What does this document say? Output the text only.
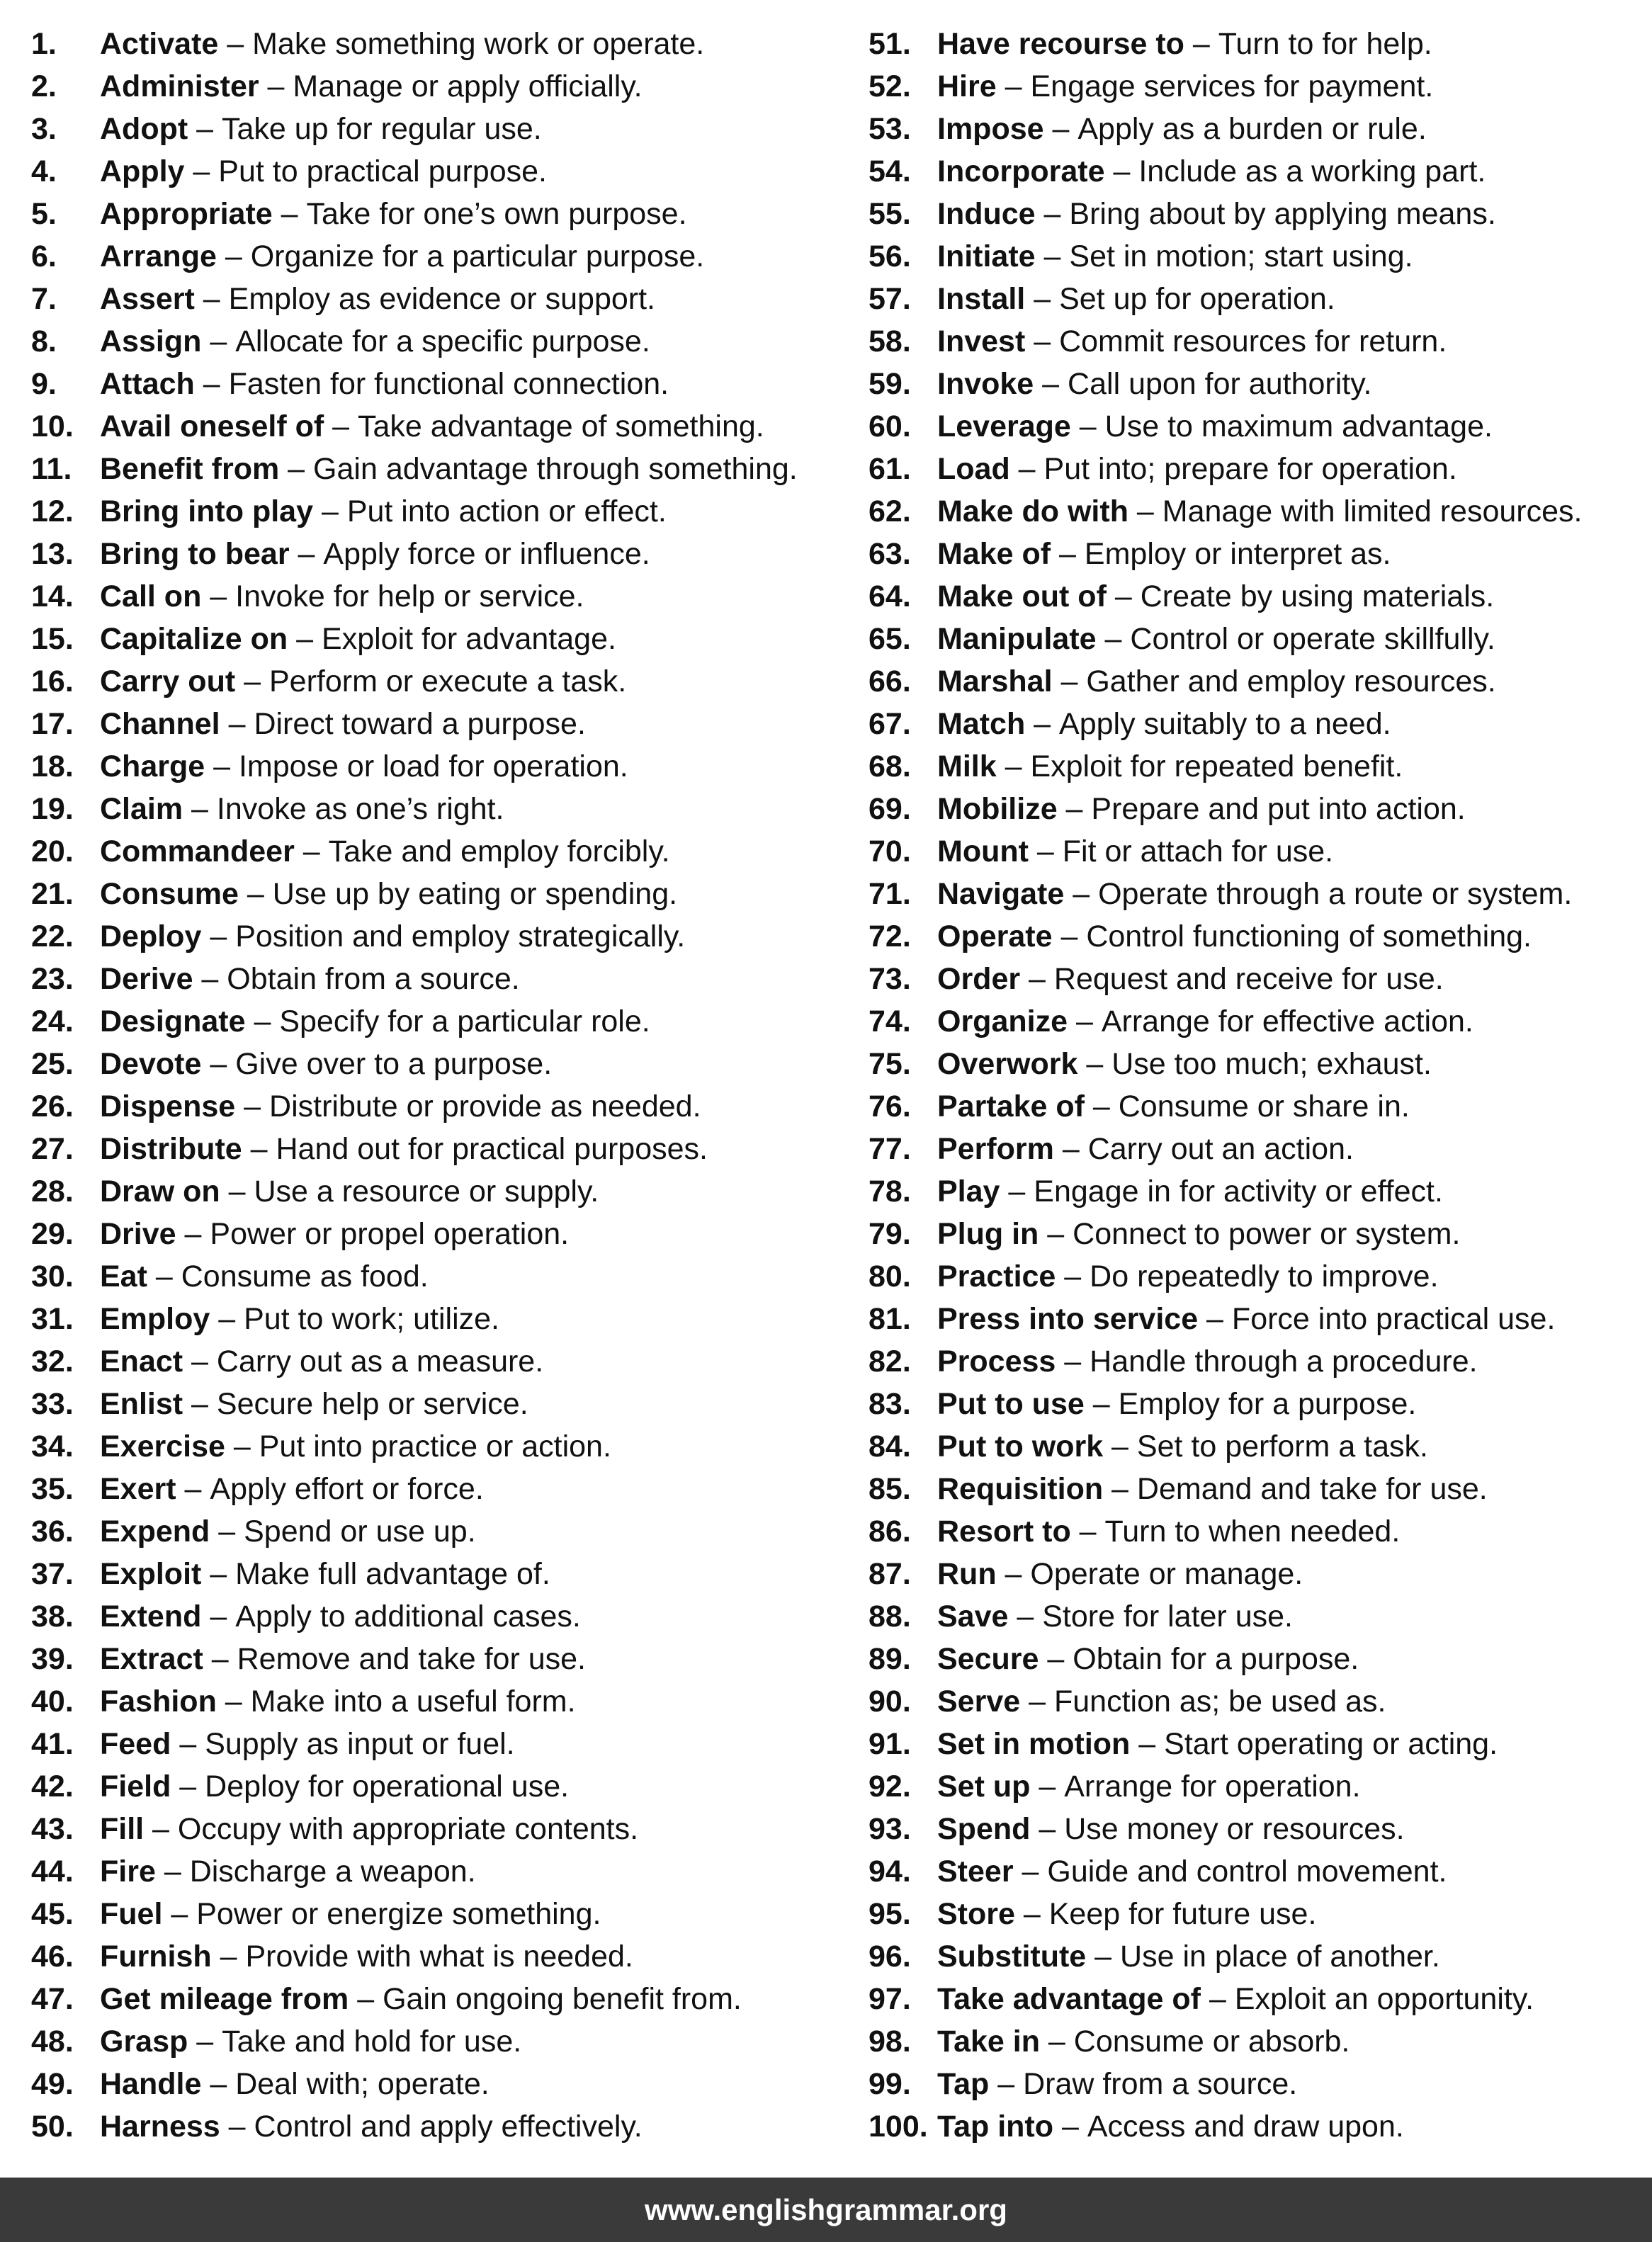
1.	Activate – Make something work or operate.
2.	Administer – Manage or apply officially.
3.	Adopt – Take up for regular use.
4.	Apply – Put to practical purpose.
5.	Appropriate – Take for one’s own purpose.
6.	Arrange – Organize for a particular purpose.
7.	Assert – Employ as evidence or support.
8.	Assign – Allocate for a specific purpose.
9.	Attach – Fasten for functional connection.
10. Avail oneself of – Take advantage of something.
11. Benefit from – Gain advantage through something.
12. Bring into play – Put into action or effect.
13. Bring to bear – Apply force or influence.
14. Call on – Invoke for help or service.
15. Capitalize on – Exploit for advantage.
16. Carry out – Perform or execute a task.
17. Channel – Direct toward a purpose.
18. Charge – Impose or load for operation.
19. Claim – Invoke as one’s right.
20. Commandeer – Take and employ forcibly.
21. Consume – Use up by eating or spending.
22. Deploy – Position and employ strategically.
23. Derive – Obtain from a source.
24. Designate – Specify for a particular role.
25. Devote – Give over to a purpose.
26. Dispense – Distribute or provide as needed.
27. Distribute – Hand out for practical purposes.
28. Draw on – Use a resource or supply.
29. Drive – Power or propel operation.
30. Eat – Consume as food.
31. Employ – Put to work; utilize.
32. Enact – Carry out as a measure.
33. Enlist – Secure help or service.
34. Exercise – Put into practice or action.
35. Exert – Apply effort or force.
36. Expend – Spend or use up.
37. Exploit – Make full advantage of.
38. Extend – Apply to additional cases.
39. Extract – Remove and take for use.
40. Fashion – Make into a useful form.
41. Feed – Supply as input or fuel.
42. Field – Deploy for operational use.
43. Fill – Occupy with appropriate contents.
44. Fire – Discharge a weapon.
45. Fuel – Power or energize something.
46. Furnish – Provide with what is needed.
47. Get mileage from – Gain ongoing benefit from.
48. Grasp – Take and hold for use.
49. Handle – Deal with; operate.
50. Harness – Control and apply effectively.
51. Have recourse to – Turn to for help.
52. Hire – Engage services for payment.
53. Impose – Apply as a burden or rule.
54. Incorporate – Include as a working part.
55. Induce – Bring about by applying means.
56. Initiate – Set in motion; start using.
57. Install – Set up for operation.
58. Invest – Commit resources for return.
59. Invoke – Call upon for authority.
60. Leverage – Use to maximum advantage.
61. Load – Put into; prepare for operation.
62. Make do with – Manage with limited resources.
63. Make of – Employ or interpret as.
64. Make out of – Create by using materials.
65. Manipulate – Control or operate skillfully.
66. Marshal – Gather and employ resources.
67. Match – Apply suitably to a need.
68. Milk – Exploit for repeated benefit.
69. Mobilize – Prepare and put into action.
70. Mount – Fit or attach for use.
71. Navigate – Operate through a route or system.
72. Operate – Control functioning of something.
73. Order – Request and receive for use.
74. Organize – Arrange for effective action.
75. Overwork – Use too much; exhaust.
76. Partake of – Consume or share in.
77. Perform – Carry out an action.
78. Play – Engage in for activity or effect.
79. Plug in – Connect to power or system.
80. Practice – Do repeatedly to improve.
81. Press into service – Force into practical use.
82. Process – Handle through a procedure.
83. Put to use – Employ for a purpose.
84. Put to work – Set to perform a task.
85. Requisition – Demand and take for use.
86. Resort to – Turn to when needed.
87. Run – Operate or manage.
88. Save – Store for later use.
89. Secure – Obtain for a purpose.
90. Serve – Function as; be used as.
91. Set in motion – Start operating or acting.
92. Set up – Arrange for operation.
93. Spend – Use money or resources.
94. Steer – Guide and control movement.
95. Store – Keep for future use.
96. Substitute – Use in place of another.
97. Take advantage of – Exploit an opportunity.
98. Take in – Consume or absorb.
99. Tap – Draw from a source.
100. Tap into – Access and draw upon.
www.englishgrammar.org
